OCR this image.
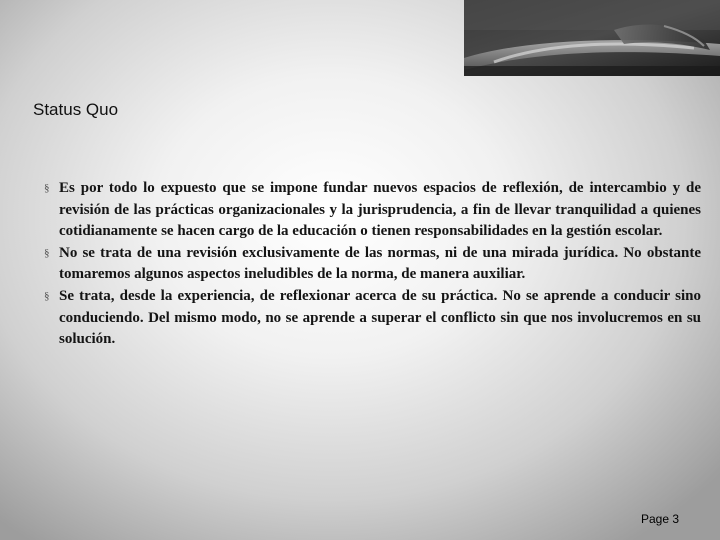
Status Quo
§ Es por todo lo expuesto que se impone fundar nuevos espacios de reflexión, de intercambio y de revisión de las prácticas organizacionales y la jurisprudencia, a fin de llevar tranquilidad a quienes cotidianamente se hacen cargo de la educación o tienen responsabilidades en la gestión escolar.
§ No se trata de una revisión exclusivamente de las normas, ni de una mirada jurídica. No obstante tomaremos algunos aspectos ineludibles de la norma, de manera auxiliar.
§ Se trata, desde la experiencia, de reflexionar acerca de su práctica. No se aprende a conducir sino conduciendo. Del mismo modo, no se aprende a superar el conflicto sin que nos involucremos en su solución.
Page 3
